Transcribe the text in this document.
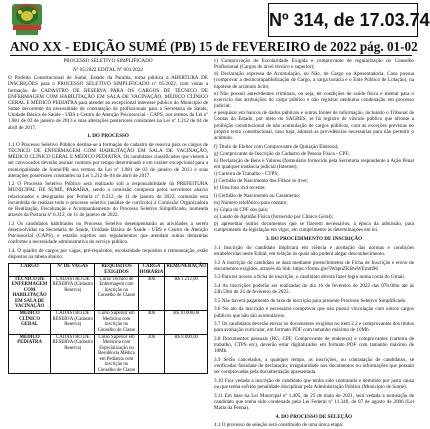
Nº 314, de 17.03.74
ANO XX - EDIÇÃO SUMÉ (PB) 15 de FEVEREIRO de 2022 pág. 01-02

PROCESSO SELETIVO SIMPLIFICADO

Nº 05/2022 EDITAL Nº 001/2022

O Prefeito Constitucional de Sumé, Estado da Paraíba, torna pública a ABERTURA DE INSCRIÇÕES para o PROCESSO SELETIVO SIMPLIFICADO nº 05/2022, com vistas a formação de CADASTRO DE RESERVA PARA OS CARGOS DE TÉCNICO DE ENFERMAGEM COM HABILITAÇÃO EM SALA DE VACINAÇÃO, MÉDICO CLÍNICO GERAL E MÉDICO PEDIATRA para atender ao excepcional interesse público do Município de Sumé decorrente da necessidade de contratação de profissionais para a Secretaria de Saúde, Unidade Básica de Saúde - UBS e Centro de Atenção Psicossocial - CAPS, nos termos da Lei nº 1.081 de 03 de janeiro de 2013 e suas alterações posteriores constantes na Lei nº 1.212 de 04 de abril de 2017.

1. DO PROCESSO

1.1 O Processo Seletivo Público destina-se à formação de cadastro de reserva para os cargos de TÉCNICO DE ENFERMAGEM COM HABILITAÇÃO EM SALA DE VACINAÇÃO, MÉDICO CLÍNICO GERAL E MÉDICO PEDIATRA. Os candidatos classificados que vierem a ser convocados deverão assinar contrato por tempo determinado e em caráter excepcional para a municipalidade de Sumé/PB nos termos da Lei nº 1.081 de 03 de janeiro de 2013 e suas alterações posteriores constantes na Lei 1.212 de 04 de abril de 2017.

1.2 O Processo Seletivo Público será realizado sob a responsabilidade da PREFEITURA MUNICIPAL DE SUMÉ, PARAÍBA, sendo a comissão composta pelos servidores abaixo relacionados e designados por Portaria nº 6.312, de 11 de janeiro de 2022, comissão esta incumbida de realizar todo o processo seletivo (análise de currículo) à Comissão Organizadora de Realização, Fiscalização e Acompanhamento do Processo Seletivo Simplificado, nomeada através da Portaria nº 6.312, de 11 de janeiro de 2022.

1.3 Os candidatos habilitados no Processo Seletivo desempenharão as atividades a serem desenvolvidas na Secretaria de Saúde, Unidade Básica de Saúde - UBS e Centro de Atenção Psicossocial (CAPS), e estarão sujeitos aos regulamentos que atendam outras demandas conforme a necessidade administrativa do serviço público.

1.4. O quadro de cargos por vagas, pré-requisitos, escolaridade requisitos e remuneração, estão dispostos na tabela abaixo:

CARGO	Nº DE VAGAS	REQUISITOS EXIGIDOS	CARGA HORÁRIA	REMUNERAÇÃO
TÉCNICO DE ENFERMAGEM COM HABILITAÇÃO EM SALA DE VACINAÇÃO	CADASTRO DE RESERVA (Cadastro Reserva)	Curso Técnico de Enfermagem com inscrição no Conselho de Classe	40h	R$ 1.212,00
MÉDICO CLÍNICO GERAL	CADASTRO DE RESERVA (Cadastro Reserva)	Curso Superior em Medicina com inscrição no Conselho de Classe	40h	R$ 10.000,00
MÉDICO PEDIATRA	CADASTRO DE RESERVA (Cadastro Reserva)	Curso Superior em Medicina com Especialização ou Residência Médica em Pediatria com inscrição no Conselho de Classe	20h	R$ 8.000,00

c) Comprovação de Escolaridade Exigida e comprovante de regularização no Conselho Profissional (Cargos de nível técnico e superior);

d) Declaração expressa de Acumulação, ou Não, de Cargo ou Aposentadoria. Caso possua (comprovar a desincompatibilização de Cargo, a carga horária e o Ente Público de Lotação), na hipótese de acúmulo lícito;

e) Não possuir antecedentes criminais, ou seja, ter condições de saúde física e mental para o exercício das atribuições do cargo público e não registrar nenhuma condenação em processo judicial;

e pesquisar em bancos de dados públicos e outras fontes de informação, incluindo o Tribunal de Contas do Estado, por meio do SAGRES, se há registro de vínculo público que afronte a proibição constitucional de não acumulação de cargos públicos, com as exceções previstas no próprio texto constitucional, caso haja, adotará as providências necessárias para não permitir o acúmulo.

f) Título de Eleitor com Comprovante de Quitação Eleitoral;

g) Comprovante de Inscrição do Cadastro de Pessoa Física - CPF;

h) Declaração de Bens e Valores (formulário fornecido pela Secretaria respondente à Ação Penal em qualquer instância judicial (Internet);

i) Carteira de Trabalho - CTPS;

j) Certidão de Nascimento dos Filhos se tiver;

k) Uma foto 3x4 recente;

l) Certidão de Nascimento ou Casamento;

m) Número telefônico para contato;

n) Cópia do CPF dos pais;

o) Laudo de Aptidão Física (fornecido por Clínico Geral);

p) apresentar outros documentos que se fizerem necessários, à época da admissão, para cumprimento da legislação em vigor, em cumprimento às determinações em lei.

3. DO PROCEDIMENTO DE INSCRIÇÃO

3.1 Inscrição do candidato implicará em ciência e aceitação das normas e condições estabelecidas neste Edital, em relação às quais não poderá alegar desconhecimento.

3.2 A inscrição do candidato se dará mediante preenchimento de Ficha de Inscrição e envio de documentos exigidos, através do link: https://forms.gle/5WapnZKBwWEmm96

3.3 Para ter acesso a ficha de inscrição, o candidato deverá fazer login numa conta do Gmail.

3.4 As inscrições poderão ser realizadas do dia 16 de fevereiro de 2022 das 07h:00m até às 23h:59m de 24 de fevereiro de 2022.

3.5 Não haverá pagamento de taxa de inscrição para presente Processo Seletivo Simplificado.

3.6 No ato da inscrição é necessário comprovar que não possui vinculação com outros cargos públicos que não são acumuláveis.

3.7 Os candidatos deverão enviar os documentos exigidos no item 2.2 e comprovantes dos títulos para avaliação curricular, em formato PDF com tamanho máximo de 10Mb.

3.8 Documentos pessoais (RG, CPF, Comprovante de endereço) e comprovantes (carteira de trabalho, CTPS etc), deverão estar digitalizados em formato PDF com tamanho máximo de 10Mb.

3.9 Serão cancelados, a qualquer tempo, as inscrições, ou contratação de candidatos, se verificadas falsidade de declaração, irregularidade nos documentos ou informações que possam ser comprovadas pela documentação apresentada.

3.10 Fica vedada a inscrição de candidato que tenha sido contratado e demitido por justa causa ou que tenha sofrido penalidade disciplinar pela Administração Pública (Município de Sumé).

3.11 Em base na Lei Municipal nº 1.405, de 25 de maio de 2021, será vedada a nomeação de candidato que tenha sido condenado pela Lei Federal nº 11.340, de 07 de agosto de 2006 (Lei Maria da Penha).

4. DO PROCESSO DE SELEÇÃO

4.1 O processo de seleção será constituído de uma única etapa:
